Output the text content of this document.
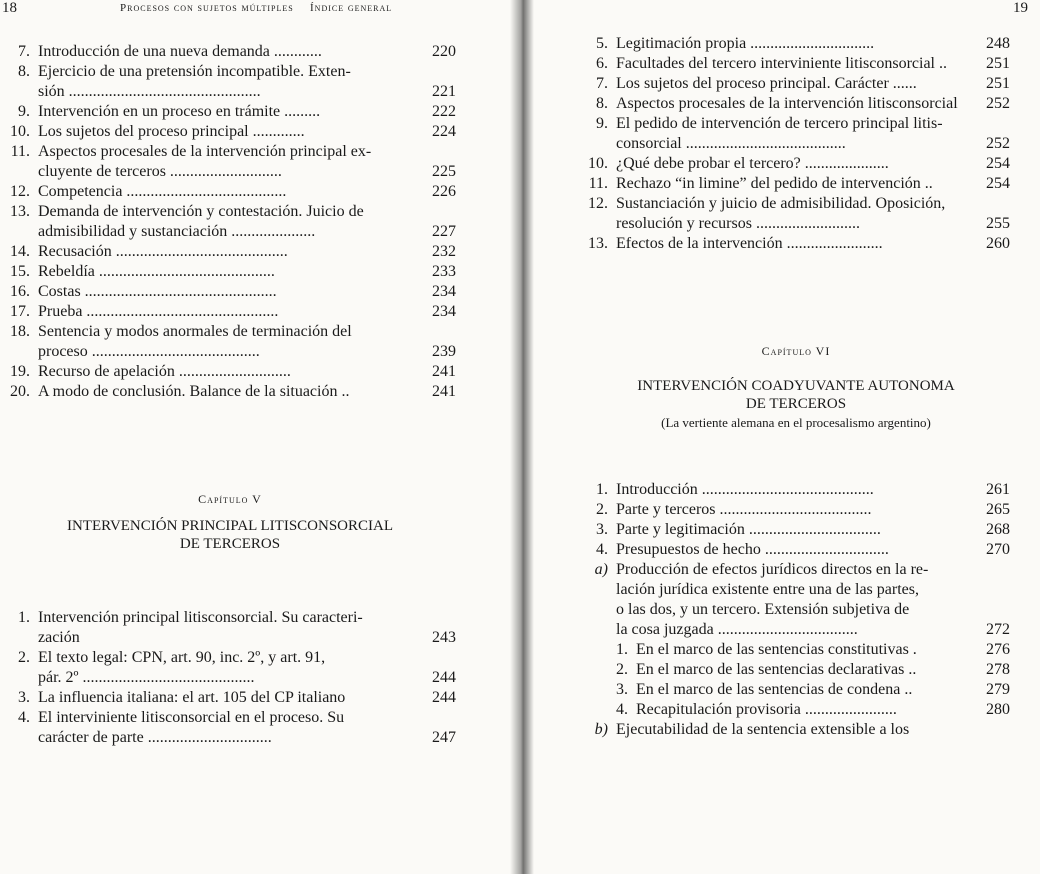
18	Procesos con sujetos múltiples
7. Introducción de una nueva demanda ............	220
8. Ejercicio de una pretensión incompatible. Exten-
sión ................................................	221
9. Intervención en un proceso en trámite .........	222
10. Los sujetos del proceso principal .............	224
11. Aspectos procesales de la intervención principal ex-
cluyente de terceros ............................	225
12. Competencia ........................................	226
13. Demanda de intervención y contestación. Juicio de
admisibilidad y sustanciación .....................	227
14. Recusación ...........................................	232
15. Rebeldía ............................................	233
16. Costas ................................................	234
17. Prueba ................................................	234
18. Sentencia y modos anormales de terminación del
proceso ..........................................	239
19. Recurso de apelación ............................	241
20. A modo de conclusión. Balance de la situación ..	241
Capítulo V
INTERVENCIÓN PRINCIPAL LITISCONSORCIAL
DE TERCEROS
1. Intervención principal litisconsorcial. Su caracteri-
zación	243
2. El texto legal: CPN, art. 90, inc. 2º, y art. 91,
pár. 2º ...........................................	244
3. La influencia italiana: el art. 105 del CP italiano	244
4. El interviniente litisconsorcial en el proceso. Su
carácter de parte ...............................	247
Índice general	19
5. Legitimación propia ...............................	248
6. Facultades del tercero interviniente litisconsorcial ..	251
7. Los sujetos del proceso principal. Carácter ......	251
8. Aspectos procesales de la intervención litisconsorcial	252
9. El pedido de intervención de tercero principal litis-
consorcial ........................................	252
10. ¿Qué debe probar el tercero? .....................	254
11. Rechazo “in limine” del pedido de intervención ..	254
12. Sustanciación y juicio de admisibilidad. Oposición,
resolución y recursos ..........................	255
13. Efectos de la intervención ........................	260
Capítulo VI
INTERVENCIÓN COADYUVANTE AUTONOMA
DE TERCEROS
(La vertiente alemana en el procesalismo argentino)
1. Introducción ...........................................	261
2. Parte y terceros ......................................	265
3. Parte y legitimación .................................	268
4. Presupuestos de hecho ...............................	270
a) Producción de efectos jurídicos directos en la re-
lación jurídica existente entre una de las partes,
o las dos, y un tercero. Extensión subjetiva de
la cosa juzgada ...................................	272
1. En el marco de las sentencias constitutivas .	276
2. En el marco de las sentencias declarativas ..	278
3. En el marco de las sentencias de condena ..	279
4. Recapitulación provisoria .......................	280
b) Ejecutabilidad de la sentencia extensible a los
